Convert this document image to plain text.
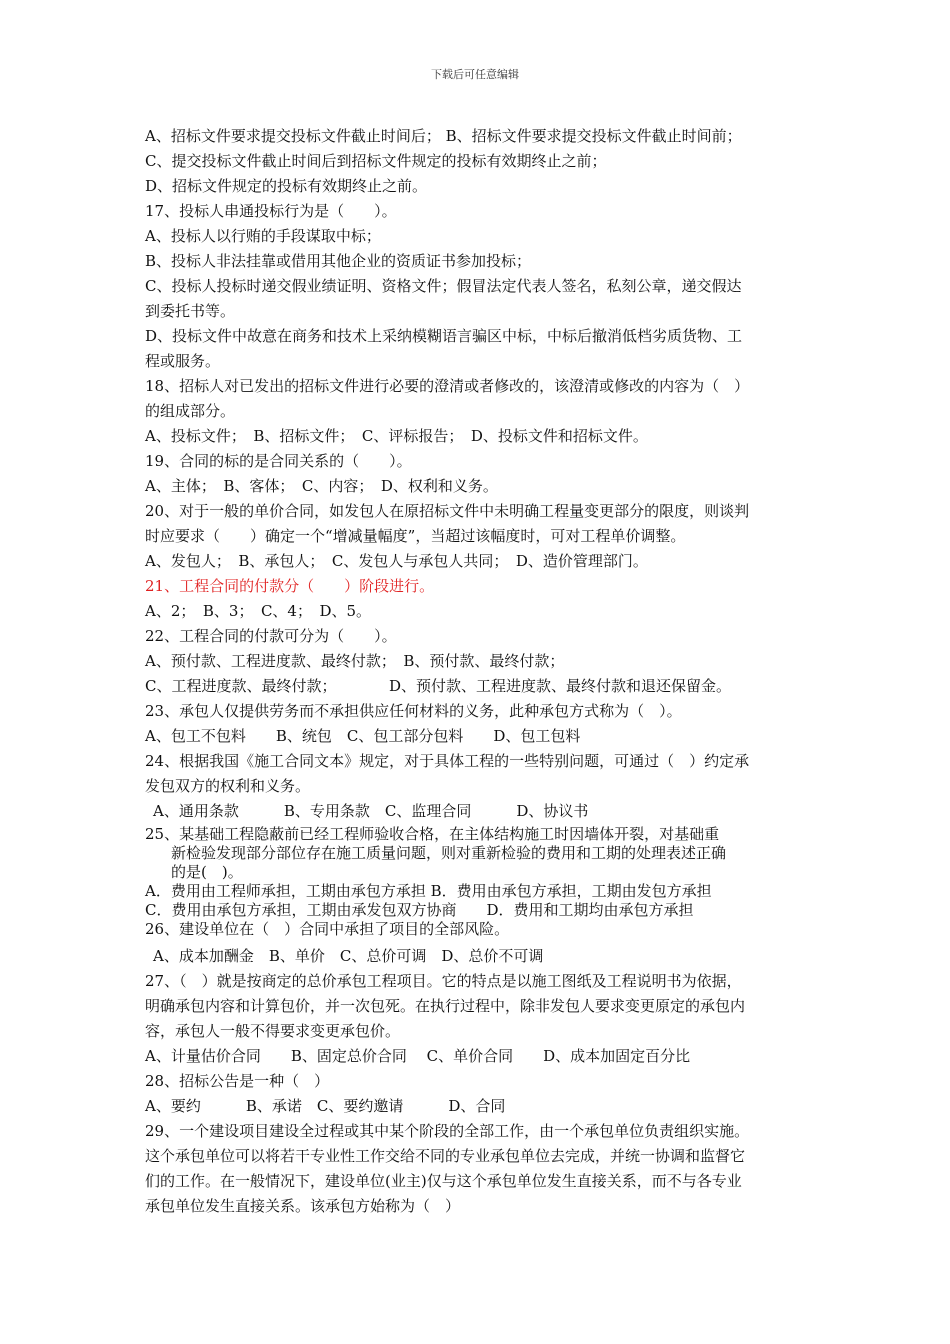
下载后可任意编辑
A、招标文件要求提交投标文件截止时间后； B、招标文件要求提交投标文件截止时间前；
C、提交投标文件截止时间后到招标文件规定的投标有效期终止之前；
D、招标文件规定的投标有效期终止之前。
17、投标人串通投标行为是（　　）。
A、投标人以行贿的手段谋取中标；
B、投标人非法挂靠或借用其他企业的资质证书参加投标；
C、投标人投标时递交假业绩证明、资格文件；假冒法定代表人签名，私刻公章，递交假达
到委托书等。
D、投标文件中故意在商务和技术上采纳模糊语言骗区中标，中标后撤消低档劣质货物、工
程或服务。
18、招标人对已发出的招标文件进行必要的澄清或者修改的，该澄清或修改的内容为（　）
的组成部分。
A、投标文件；　B、招标文件；　C、评标报告；　D、投标文件和招标文件。
19、合同的标的是合同关系的（　　）。
A、主体；　B、客体；　C、内容；　D、权利和义务。
20、对于一般的单价合同，如发包人在原招标文件中未明确工程量变更部分的限度，则谈判
时应要求（　　）确定一个“增减量幅度”，当超过该幅度时，可对工程单价调整。
A、发包人；　B、承包人；　C、发包人与承包人共同；　D、造价管理部门。
21、工程合同的付款分（　　）阶段进行。
A、2；　B、3；　C、4；　D、5。
22、工程合同的付款可分为（　　）。
A、预付款、工程进度款、最终付款；　B、预付款、最终付款；
C、工程进度款、最终付款；　　　　D、预付款、工程进度款、最终付款和退还保留金。
23、承包人仅提供劳务而不承担供应任何材料的义务，此种承包方式称为（　）。
A、包工不包料　　B、统包　C、包工部分包料　　D、包工包料
24、根据我国《施工合同文本》规定，对于具体工程的一些特别问题，可通过（　）约定承
发包双方的权利和义务。
A、通用条款　　　B、专用条款　C、监理合同　　　D、协议书
25、某基础工程隐蔽前已经工程师验收合格，在主体结构施工时因墙体开裂，对基础重
新检验发现部分部位存在施工质量问题，则对重新检验的费用和工期的处理表述正确
的是(　)。
A．费用由工程师承担，工期由承包方承担 B．费用由承包方承担，工期由发包方承担
C．费用由承包方承担，工期由承发包双方协商　　D．费用和工期均由承包方承担
26、建设单位在（　）合同中承担了项目的全部风险。
A、成本加酬金　B、单价　C、总价可调　D、总价不可调
27、（　）就是按商定的总价承包工程项目。它的特点是以施工图纸及工程说明书为依据，
明确承包内容和计算包价，并一次包死。在执行过程中，除非发包人要求变更原定的承包内
容，承包人一般不得要求变更承包价。
A、计量估价合同　　B、固定总价合同　 C、单价合同　　D、成本加固定百分比
28、招标公告是一种（　）
A、要约　　　B、承诺　C、要约邀请　　　D、合同
29、一个建设项目建设全过程或其中某个阶段的全部工作，由一个承包单位负责组织实施。
这个承包单位可以将若干专业性工作交给不同的专业承包单位去完成，并统一协调和监督它
们的工作。在一般情况下，建设单位(业主)仅与这个承包单位发生直接关系，而不与各专业
承包单位发生直接关系。该承包方始称为（　）
